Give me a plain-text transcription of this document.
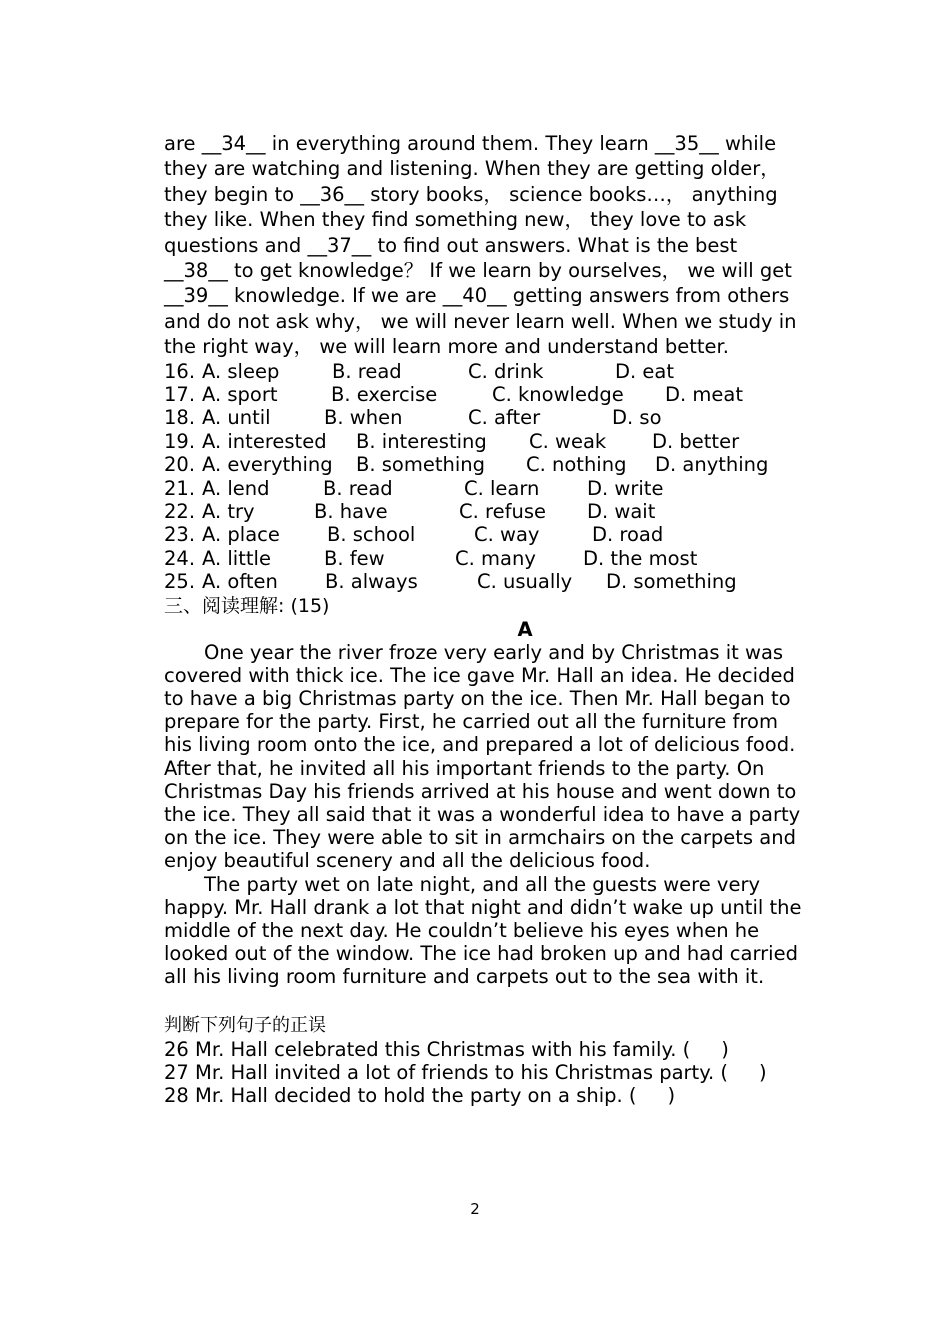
are __34__ in everything around them. They learn __35__ while they are watching and listening. When they are getting older， they begin to __36__ story books， science books…， anything they like. When they find something new， they love to ask questions and __37__ to find out answers. What is the best __38__ to get knowledge？ If we learn by ourselves， we will get __39__ knowledge. If we are __40__ getting answers from others and do not ask why， we will never learn well. When we study in the right way， we will learn more and understand better.

16. A. sleep	B. read	C. drink	D. eat
17. A. sport	B. exercise	C. knowledge D. meat
18. A. until	B. when	C. after	D. so
19. A. interested B. interesting C. weak D. better
20. A. everything B. something C. nothing D. anything
21. A. lend	B. read	C. learn D. write
22. A. try	B. have	C. refuse D. wait
23. A. place B. school	C. way	D. road
24. A. little	B. few	C. many D. the most
25. A. often B. always	C. usually D. something
三、阅读理解: (15)
A

One year the river froze very early and by Christmas it was covered with thick ice. The ice gave Mr. Hall an idea. He decided to have a big Christmas party on the ice. Then Mr. Hall began to prepare for the party. First, he carried out all the furniture from his living room onto the ice, and prepared a lot of delicious food. After that, he invited all his important friends to the party. On Christmas Day his friends arrived at his house and went down to the ice. They all said that it was a wonderful idea to have a party on the ice. They were able to sit in armchairs on the carpets and enjoy beautiful scenery and all the delicious food.

The party wet on late night, and all the guests were very happy. Mr. Hall drank a lot that night and didn’t wake up until the middle of the next day. He couldn’t believe his eyes when he looked out of the window. The ice had broken up and had carried all his living room furniture and carpets out to the sea with it.

判断下列句子的正误
26 Mr. Hall celebrated this Christmas with his family. (     )
27 Mr. Hall invited a lot of friends to his Christmas party. (     )
28 Mr. Hall decided to hold the party on a ship. (     )
2
